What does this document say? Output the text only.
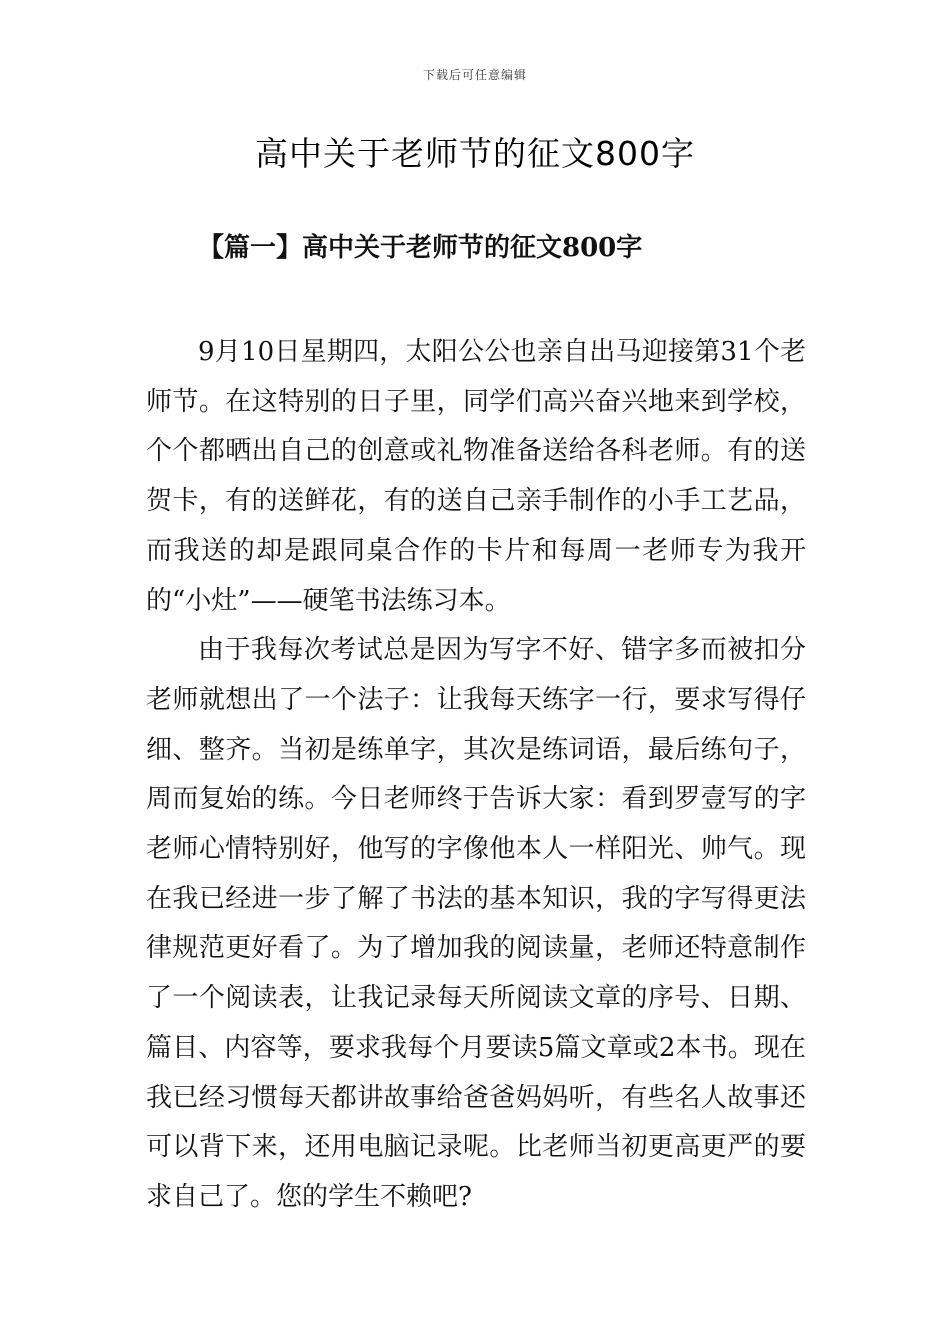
下载后可任意编辑
高中关于老师节的征文800字
【篇一】高中关于老师节的征文800字

9月10日星期四，太阳公公也亲自出马迎接第31个老师节。在这特别的日子里，同学们高兴奋兴地来到学校，个个都晒出自己的创意或礼物准备送给各科老师。有的送贺卡，有的送鲜花，有的送自己亲手制作的小手工艺品，而我送的却是跟同桌合作的卡片和每周一老师专为我开的“小灶”——硬笔书法练习本。

由于我每次考试总是因为写字不好、错字多而被扣分老师就想出了一个法子：让我每天练字一行，要求写得仔细、整齐。当初是练单字，其次是练词语，最后练句子，周而复始的练。今日老师终于告诉大家：看到罗壹写的字老师心情特别好，他写的字像他本人一样阳光、帅气。现在我已经进一步了解了书法的基本知识，我的字写得更法律规范更好看了。为了增加我的阅读量，老师还特意制作了一个阅读表，让我记录每天所阅读文章的序号、日期、篇目、内容等，要求我每个月要读5篇文章或2本书。现在我已经习惯每天都讲故事给爸爸妈妈听，有些名人故事还可以背下来，还用电脑记录呢。比老师当初更高更严的要求自己了。您的学生不赖吧?
